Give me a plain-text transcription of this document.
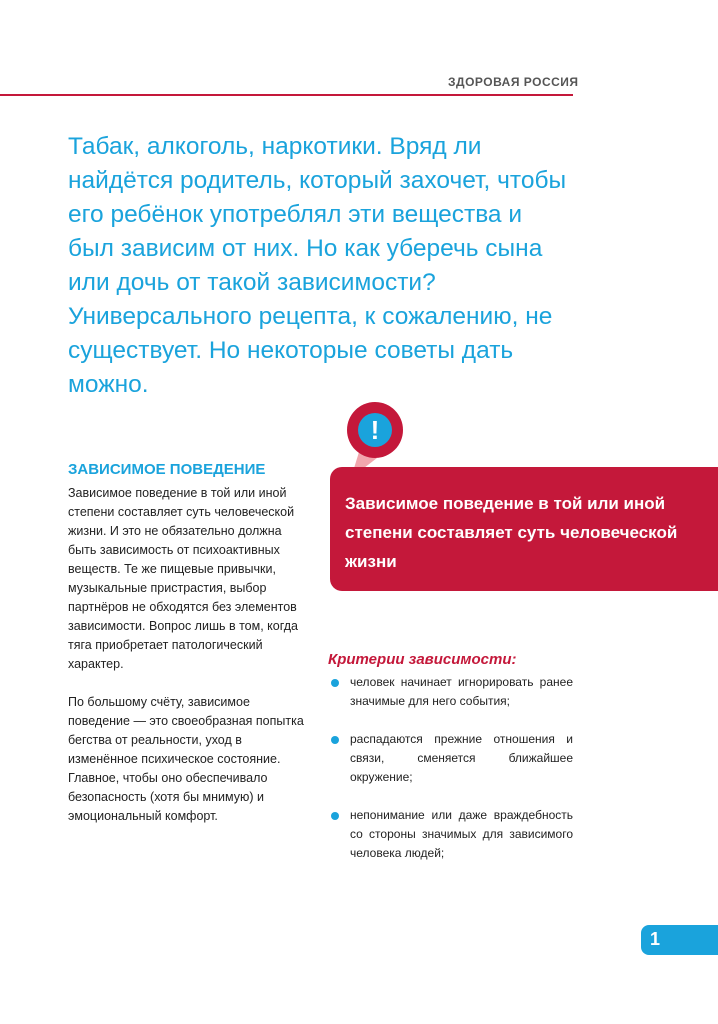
ЗДОРОВАЯ РОССИЯ

Табак, алкоголь, наркотики. Вряд ли найдётся родитель, который захочет, чтобы его ребёнок употреблял эти вещества и был зависим от них. Но как уберечь сына или дочь от такой зависимости? Универсального рецепта, к сожалению, не существует. Но некоторые советы дать можно.

!
ЗАВИСИМОЕ ПОВЕДЕНИЕ

Зависимое поведение в той или иной степени составляет суть человеческой жизни. И это не обязательно должна быть зависимость от психоактивных веществ. Те же пищевые привычки, музыкальные пристрастия, выбор партнёров не обходятся без элементов зависимости. Вопрос лишь в том, когда тяга приобретает патологический характер.

По большому счёту, зависимое поведение — это своеобразная попытка бегства от реальности, уход в изменённое психическое состояние. Главное, чтобы оно обеспечивало безопасность (хотя бы мнимую) и эмоциональный комфорт.

Зависимое поведение в той или иной степени составляет суть человеческой жизни
Критерии зависимости:
человек начинает игнорировать ранее значимые для него события;
распадаются прежние отношения и связи, сменяется ближайшее окружение;
непонимание или даже враждебность со стороны значимых для зависимого человека людей;
1
